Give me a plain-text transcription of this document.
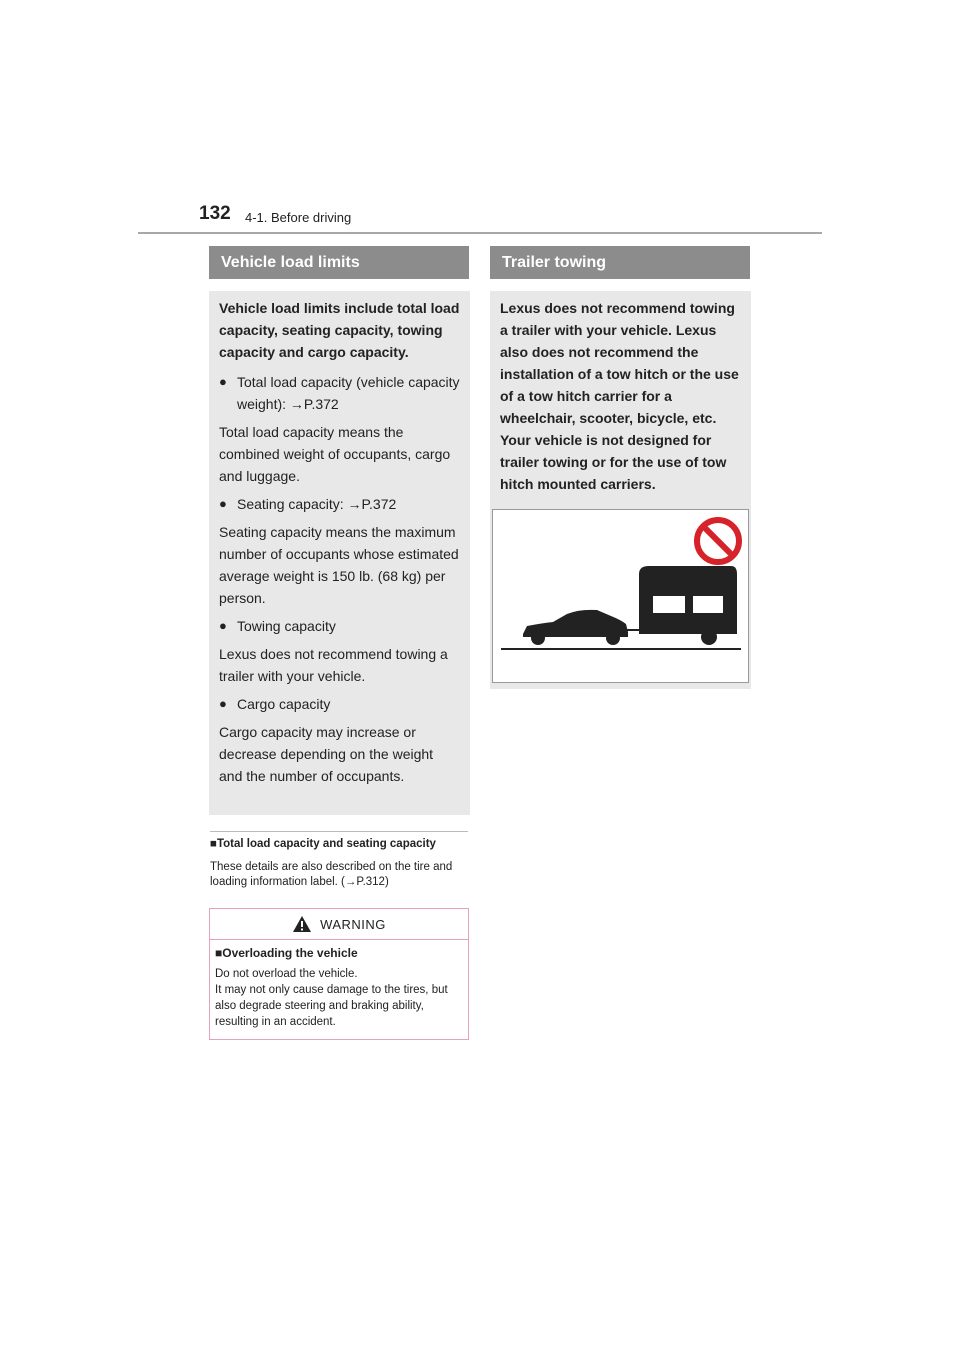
132 4-1. Before driving
Vehicle load limits

Vehicle load limits include total load capacity, seating capacity, towing capacity and cargo capacity.

● Total load capacity (vehicle capacity weight): →P.372

Total load capacity means the combined weight of occupants, cargo and luggage.

● Seating capacity: →P.372

Seating capacity means the maximum number of occupants whose estimated average weight is 150 lb. (68 kg) per person.

● Towing capacity

Lexus does not recommend towing a trailer with your vehicle.

● Cargo capacity

Cargo capacity may increase or decrease depending on the weight and the number of occupants.

■Total load capacity and seating capacity
These details are also described on the tire and loading information label. (→P.312)
WARNING
■Overloading the vehicle

Do not overload the vehicle.

It may not only cause damage to the tires, but also degrade steering and braking ability, resulting in an accident.

Trailer towing

Lexus does not recommend towing a trailer with your vehicle. Lexus also does not recommend the installation of a tow hitch or the use of a tow hitch carrier for a wheelchair, scooter, bicycle, etc. Your vehicle is not designed for trailer towing or for the use of tow hitch mounted carriers.
